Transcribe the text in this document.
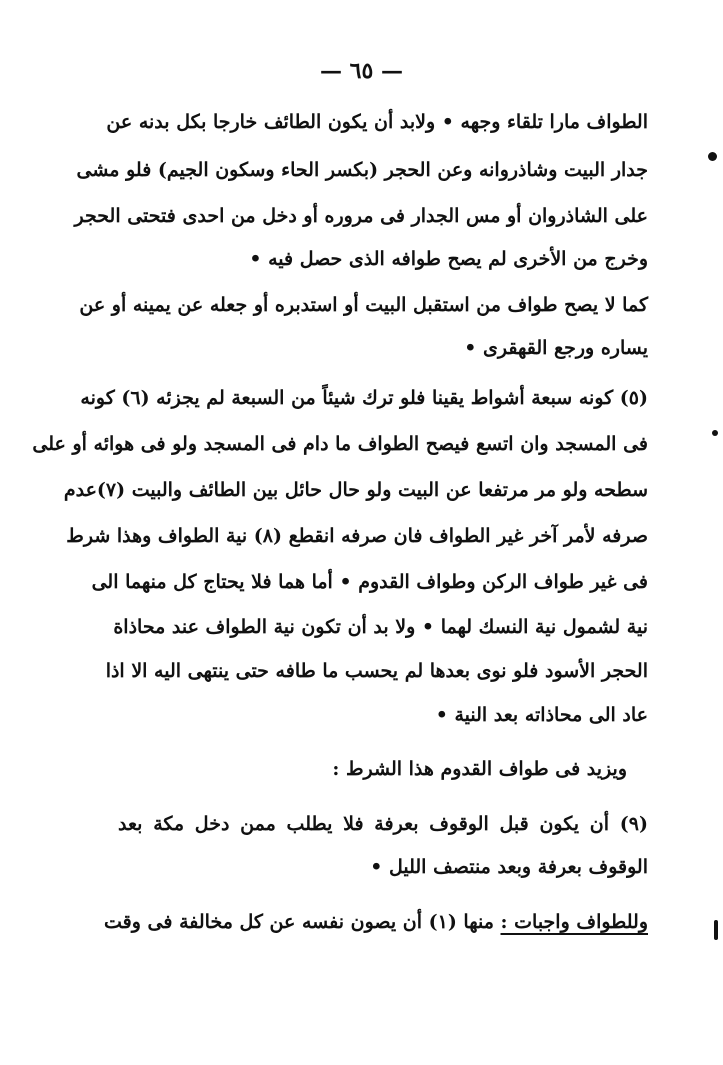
— ٦٥ —
الطواف مارا تلقاء وجهه • ولابد أن يكون الطائف خارجا بكل بدنه عن
جدار البيت وشاذروانه وعن الحجر (بكسر الحاء وسكون الجيم) فلو مشى
على الشاذروان أو مس الجدار فى مروره أو دخل من احدى فتحتى الحجر
وخرج من الأخرى لم يصح طوافه الذى حصل فيه •
كما لا يصح طواف من استقبل البيت أو استدبره أو جعله عن يمينه أو عن
يساره ورجع القهقرى •
(٥) كونه سبعة أشواط يقينا فلو ترك شيئاً من السبعة لم يجزئه (٦) كونه
فى المسجد وان اتسع فيصح الطواف ما دام فى المسجد ولو فى هوائه أو على
سطحه ولو مر مرتفعا عن البيت ولو حال حائل بين الطائف والبيت (٧)عدم
صرفه لأمر آخر غير الطواف فان صرفه انقطع (٨) نية الطواف وهذا شرط
فى غير طواف الركن وطواف القدوم • أما هما فلا يحتاج كل منهما الى
نية لشمول نية النسك لهما • ولا بد أن تكون نية الطواف عند محاذاة
الحجر الأسود فلو نوى بعدها لم يحسب ما طافه حتى ينتهى اليه الا اذا
عاد الى محاذاته بعد النية •
ويزيد فى طواف القدوم هذا الشرط :
(٩) أن يكون قبل الوقوف بعرفة فلا يطلب ممن دخل مكة بعد
الوقوف بعرفة وبعد منتصف الليل •
وللطواف واجبات : منها (١) أن يصون نفسه عن كل مخالفة فى وقت
